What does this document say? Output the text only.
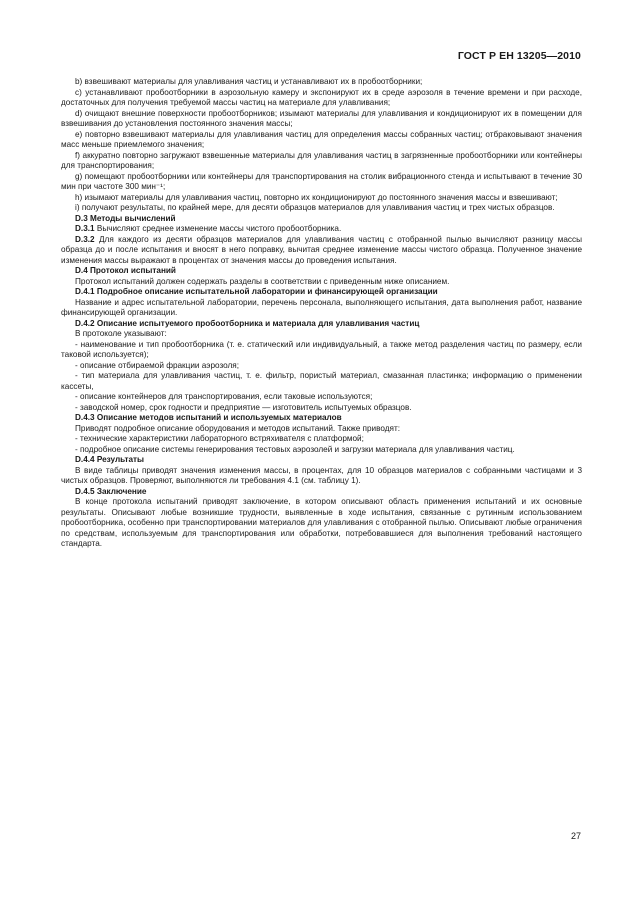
ГОСТ Р ЕН 13205—2010
b) взвешивают материалы для улавливания частиц и устанавливают их в пробоотборники;
c) устанавливают пробоотборники в аэрозольную камеру и экспонируют их в среде аэрозоля в течение времени и при расходе, достаточных для получения требуемой массы частиц на материале для улавливания;
d) очищают внешние поверхности пробоотборников; изымают материалы для улавливания и кондиционируют их в помещении для взвешивания до установления постоянного значения массы;
e) повторно взвешивают материалы для улавливания частиц для определения массы собранных частиц; отбраковывают значения масс меньше приемлемого значения;
f) аккуратно повторно загружают взвешенные материалы для улавливания частиц в загрязненные пробоотборники или контейнеры для транспортирования;
g) помещают пробоотборники или контейнеры для транспортирования на столик вибрационного стенда и испытывают в течение 30 мин при частоте 300 мин⁻¹;
h) изымают материалы для улавливания частиц, повторно их кондиционируют до постоянного значения массы и взвешивают;
i) получают результаты, по крайней мере, для десяти образцов материалов для улавливания частиц и трех чистых образцов.
D.3 Методы вычислений
D.3.1 Вычисляют среднее изменение массы чистого пробоотборника.
D.3.2 Для каждого из десяти образцов материалов для улавливания частиц с отобранной пылью вычисляют разницу массы образца до и после испытания и вносят в него поправку, вычитая среднее изменение массы чистого образца. Полученное значение изменения массы выражают в процентах от значения массы до проведения испытания.
D.4 Протокол испытаний
Протокол испытаний должен содержать разделы в соответствии с приведенным ниже описанием.
D.4.1 Подробное описание испытательной лаборатории и финансирующей организации
Название и адрес испытательной лаборатории, перечень персонала, выполняющего испытания, дата выполнения работ, название финансирующей организации.
D.4.2 Описание испытуемого пробоотборника и материала для улавливания частиц
В протоколе указывают:
- наименование и тип пробоотборника (т. е. статический или индивидуальный, а также метод разделения частиц по размеру, если таковой используется);
- описание отбираемой фракции аэрозоля;
- тип материала для улавливания частиц, т. е. фильтр, пористый материал, смазанная пластинка; информацию о применении кассеты,
- описание контейнеров для транспортирования, если таковые используются;
- заводской номер, срок годности и предприятие — изготовитель испытуемых образцов.
D.4.3 Описание методов испытаний и используемых материалов
Приводят подробное описание оборудования и методов испытаний. Также приводят:
- технические характеристики лабораторного встряхивателя с платформой;
- подробное описание системы генерирования тестовых аэрозолей и загрузки материала для улавливания частиц.
D.4.4 Результаты
В виде таблицы приводят значения изменения массы, в процентах, для 10 образцов материалов с собранными частицами и 3 чистых образцов. Проверяют, выполняются ли требования 4.1 (см. таблицу 1).
D.4.5 Заключение
В конце протокола испытаний приводят заключение, в котором описывают область применения испытаний и их основные результаты. Описывают любые возникшие трудности, выявленные в ходе испытания, связанные с рутинным использованием пробоотборника, особенно при транспортировании материалов для улавливания с отобранной пылью. Описывают любые ограничения по средствам, используемым для транспортирования или обработки, потребовавшиеся для выполнения требований настоящего стандарта.
27
